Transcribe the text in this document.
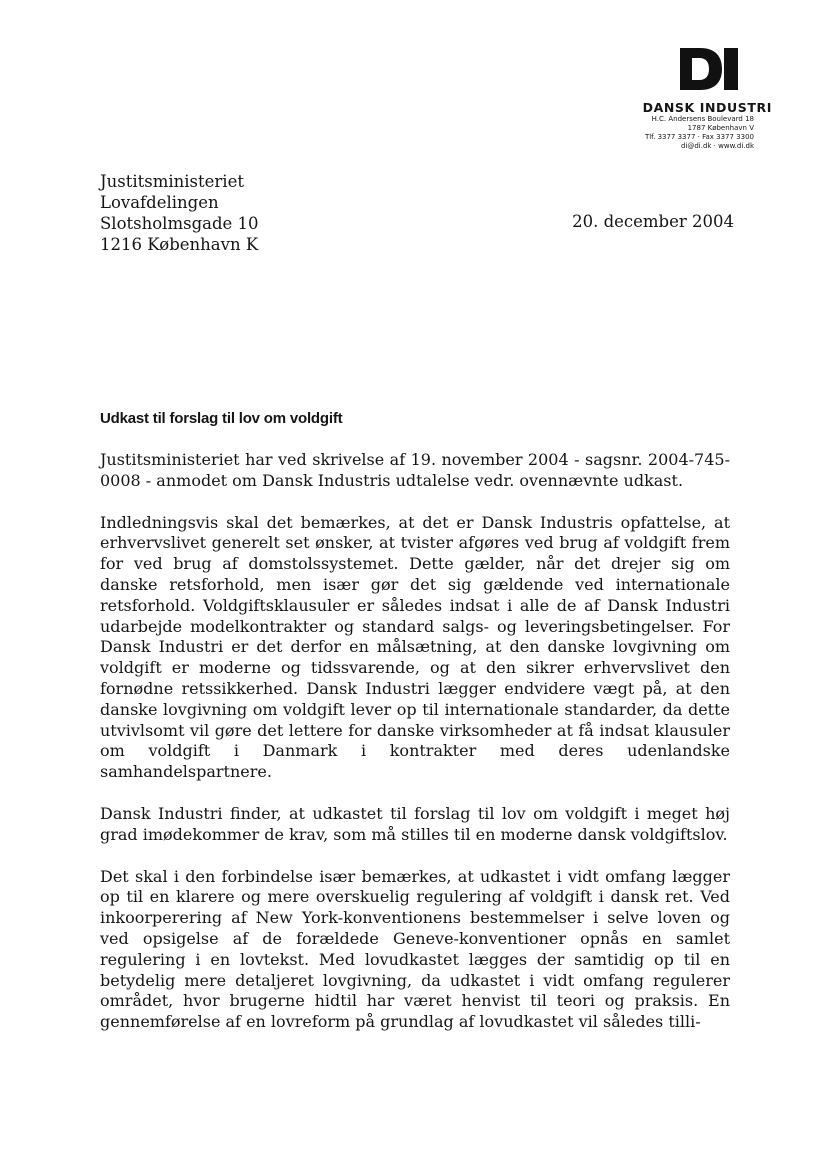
DANSK INDUSTRI
H.C. Andersens Boulevard 18
1787 København V
Tlf. 3377 3377 · Fax 3377 3300
di@di.dk · www.di.dk
Justitsministeriet
Lovafdelingen
Slotsholmsgade 10
1216 København K
20. december 2004
Udkast til forslag til lov om voldgift

Justitsministeriet har ved skrivelse af 19. november 2004 - sagsnr. 2004-745-0008 - anmodet om Dansk Industris udtalelse vedr. ovennævnte udkast.

Indledningsvis skal det bemærkes, at det er Dansk Industris opfattelse, at erhvervslivet generelt set ønsker, at tvister afgøres ved brug af voldgift frem for ved brug af domstolssystemet. Dette gælder, når det drejer sig om danske retsforhold, men især gør det sig gældende ved internationale retsforhold. Voldgiftsklausuler er således indsat i alle de af Dansk Industri udarbejde modelkontrakter og standard salgs- og leveringsbetingelser. For Dansk Industri er det derfor en målsætning, at den danske lovgivning om voldgift er moderne og tidssvarende, og at den sikrer erhvervslivet den fornødne retssikkerhed. Dansk Industri lægger endvidere vægt på, at den danske lovgivning om voldgift lever op til internationale standarder, da dette utvivlsomt vil gøre det lettere for danske virksomheder at få indsat klausuler om voldgift i Danmark i kontrakter med deres udenlandske samhandelspartnere.

Dansk Industri finder, at udkastet til forslag til lov om voldgift i meget høj grad imødekommer de krav, som må stilles til en moderne dansk voldgiftslov.

Det skal i den forbindelse især bemærkes, at udkastet i vidt omfang lægger op til en klarere og mere overskuelig regulering af voldgift i dansk ret. Ved inkoorperering af New York-konventionens bestemmelser i selve loven og ved opsigelse af de forældede Geneve-konventioner opnås en samlet regulering i en lovtekst. Med lovudkastet lægges der samtidig op til en betydelig mere detaljeret lovgivning, da udkastet i vidt omfang regulerer området, hvor brugerne hidtil har været henvist til teori og praksis. En gennemførelse af en lovreform på grundlag af lovudkastet vil således tilli-
